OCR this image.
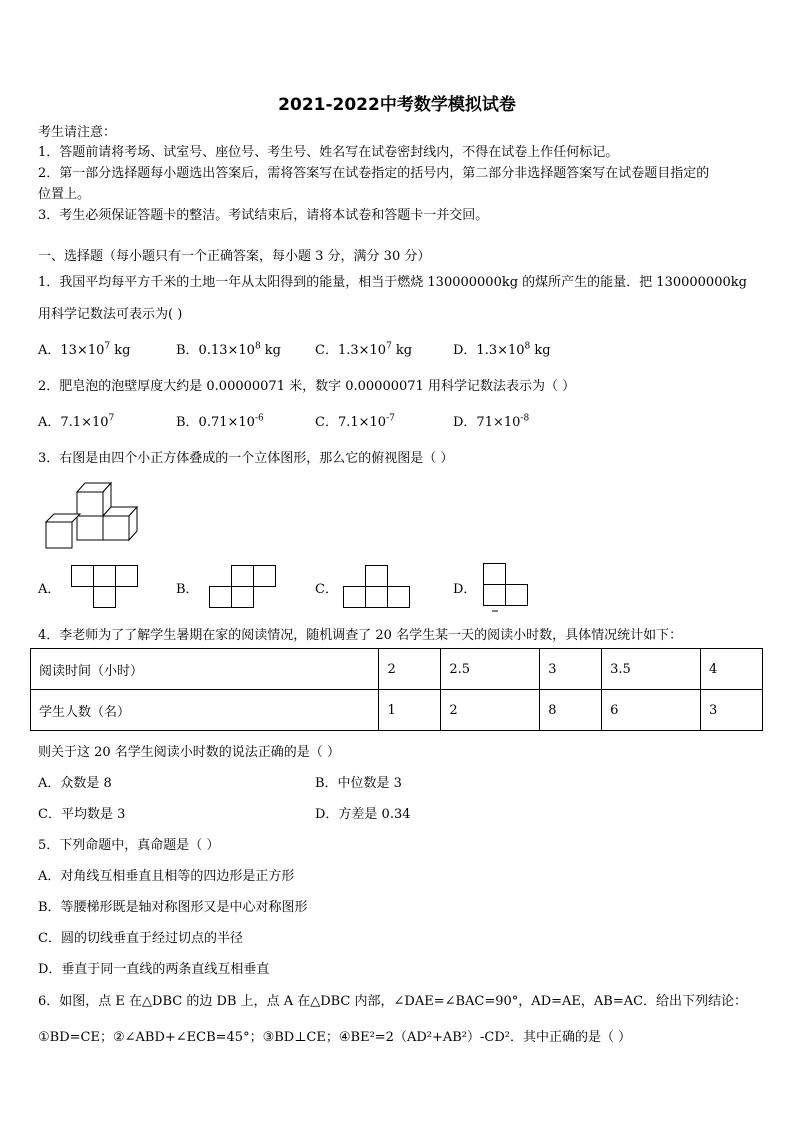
2021-2022中考数学模拟试卷
考生请注意：
1．答题前请将考场、试室号、座位号、考生号、姓名写在试卷密封线内，不得在试卷上作任何标记。
2．第一部分选择题每小题选出答案后，需将答案写在试卷指定的括号内，第二部分非选择题答案写在试卷题目指定的
位置上。
3．考生必须保证答题卡的整洁。考试结束后，请将本试卷和答题卡一并交回。
一、选择题（每小题只有一个正确答案，每小题 3 分，满分 30 分）
1．我国平均每平方千米的土地一年从太阳得到的能量，相当于燃烧 130000000kg 的煤所产生的能量．把 130000000kg
用科学记数法可表示为( )
A．$13\times 10^7$ kg	B．$0.13\times 10^8$ kg	C．$1.3\times 10^7$ kg	D．$1.3\times 10^8$ kg
2．肥皂泡的泡壁厚度大约是 0.00000071 米，数字 0.00000071 用科学记数法表示为（ ）
A．$7.1\times 10^7$	B．$0.71\times 10^{-6}$	C．$7.1\times 10^{-7}$	D．$71\times 10^{-8}$
3．右图是由四个小正方体叠成的一个立体图形，那么它的俯视图是（ ）
A．	B．	C．	D．
4．李老师为了了解学生暑期在家的阅读情况，随机调查了 20 名学生某一天的阅读小时数，具体情况统计如下：
阅读时间（小时）	2	2.5	3	3.5	4
学生人数（名）	1	2	8	6	3
则关于这 20 名学生阅读小时数的说法正确的是（ ）
A．众数是 8	B．中位数是 3
C．平均数是 3	D．方差是 0.34
5．下列命题中，真命题是（ ）
A．对角线互相垂直且相等的四边形是正方形
B．等腰梯形既是轴对称图形又是中心对称图形
C．圆的切线垂直于经过切点的半径
D．垂直于同一直线的两条直线互相垂直
6．如图，点 E 在△DBC 的边 DB 上，点 A 在△DBC 内部，∠DAE=∠BAC=90°，AD=AE，AB=AC．给出下列结论：
①BD=CE；②∠ABD+∠ECB=45°；③BD⊥CE；④BE²=2（AD²+AB²）-CD²．其中正确的是（ ）
